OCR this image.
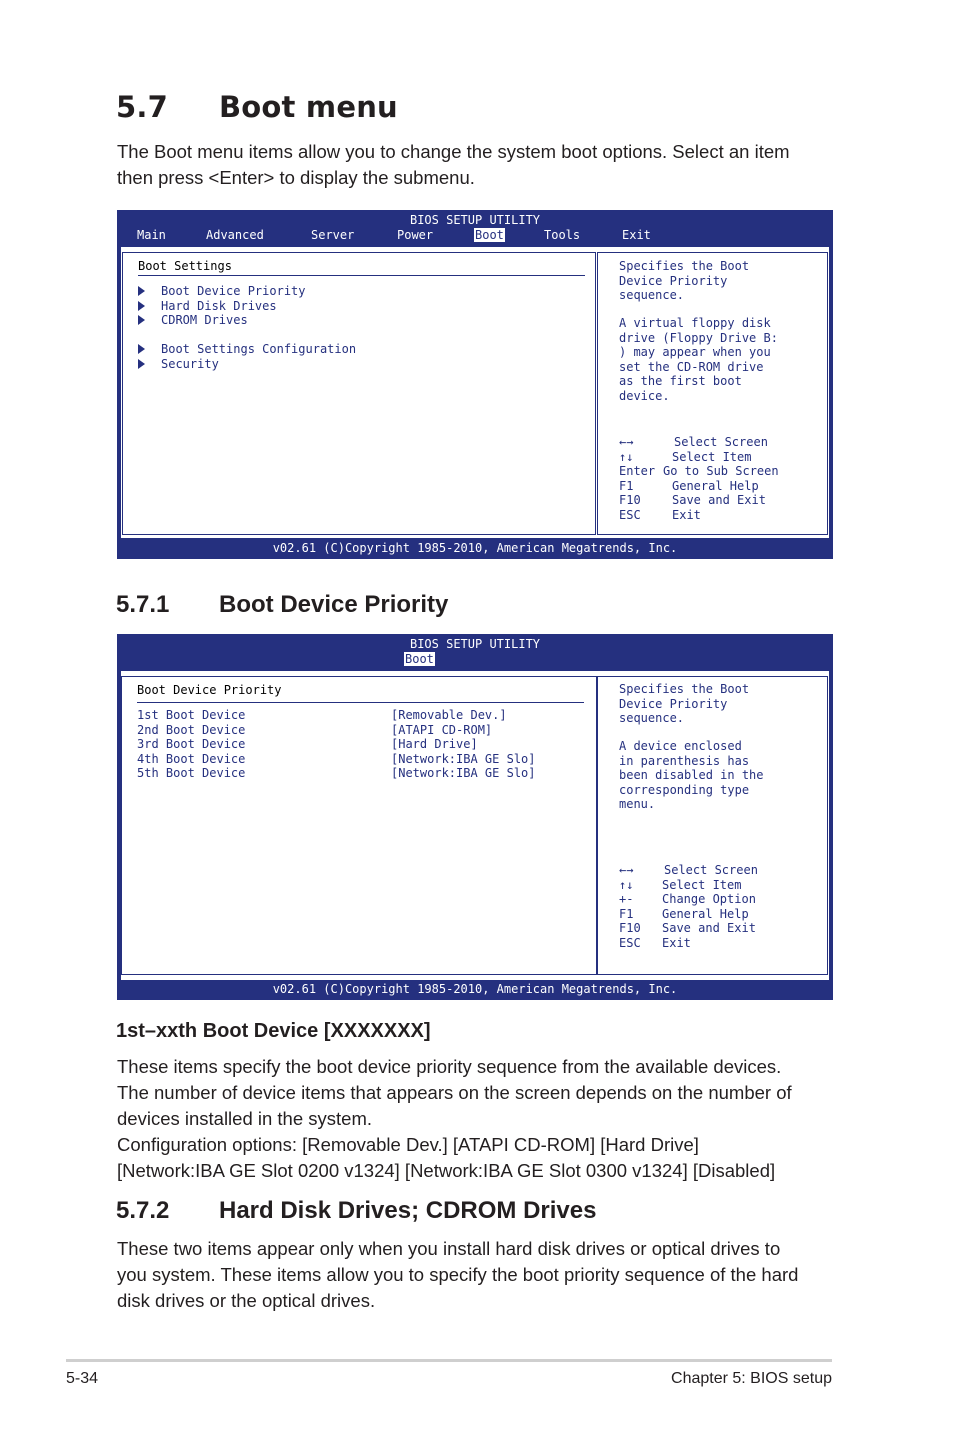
5.7 Boot menu
The Boot menu items allow you to change the system boot options. Select an item
then press <Enter> to display the submenu.
BIOS SETUP UTILITY

Main

	Advanced

	Server

	Power

	Boot

	Tools

	Exit

Boot Settings
Boot Device Priority
Hard Disk Drives
CDROM Drives
Boot Settings Configuration
Security
Specifies the Boot
Device Priority
sequence.
A virtual floppy disk
drive (Floppy Drive B:
) may appear when you
set the CD-ROM drive
as the first boot
device.
←→	Select Screen
↑↓	Select Item
Enter Go to Sub Screen
F1	General Help
F10	Save and Exit
ESC	Exit
v02.61 (C)Copyright 1985-2010, American Megatrends, Inc.
5.7.1 Boot Device Priority
BIOS SETUP UTILITY
Boot
Boot Device Priority
1st Boot Device	[Removable Dev.]
2nd Boot Device	[ATAPI CD-ROM]
3rd Boot Device	[Hard Drive]
4th Boot Device	[Network:IBA GE Slo]
5th Boot Device	[Network:IBA GE Slo]
Specifies the Boot
Device Priority
sequence.
A device enclosed
in parenthesis has
been disabled in the
corresponding type
menu.
←→	Select Screen
↑↓ Select Item
+- Change Option
F1 General Help
F10 Save and Exit
ESC Exit
v02.61 (C)Copyright 1985-2010, American Megatrends, Inc.
1st–xxth Boot Device [XXXXXXX]
These items specify the boot device priority sequence from the available devices.
The number of device items that appears on the screen depends on the number of
devices installed in the system.
Configuration options: [Removable Dev.] [ATAPI CD-ROM] [Hard Drive]
[Network:IBA GE Slot 0200 v1324] [Network:IBA GE Slot 0300 v1324] [Disabled]
5.7.2 Hard Disk Drives; CDROM Drives
These two items appear only when you install hard disk drives or optical drives to
you system. These items allow you to specify the boot priority sequence of the hard
disk drives or the optical drives.
5-34	Chapter 5: BIOS setup
